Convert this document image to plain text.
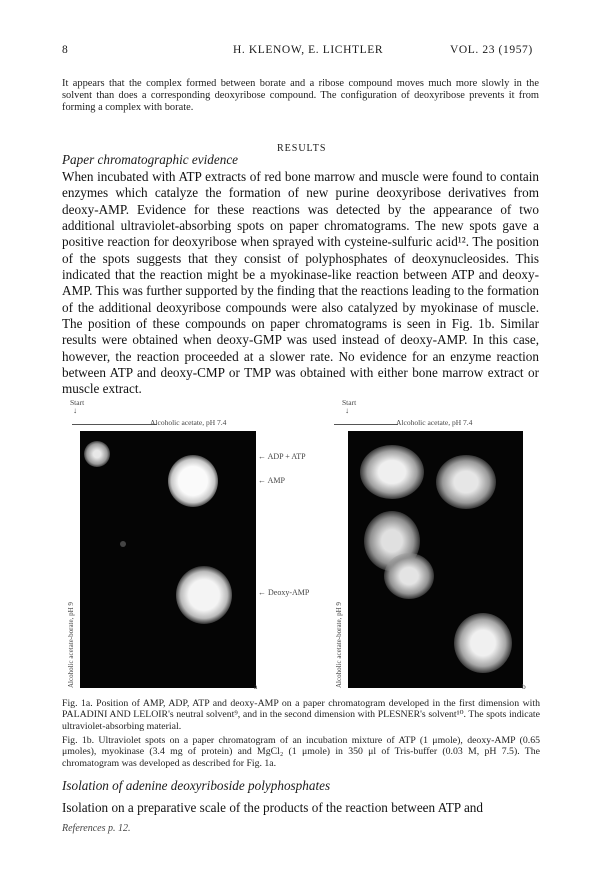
8	H. KLENOW, E. LICHTLER	VOL. 23 (1957)
It appears that the complex formed between borate and a ribose compound moves much more slowly in the solvent than does a corresponding deoxyribose compound. The configuration of deoxyribose prevents it from forming a complex with borate.
RESULTS
Paper chromatographic evidence
When incubated with ATP extracts of red bone marrow and muscle were found to contain enzymes which catalyze the formation of new purine deoxyribose derivatives from deoxy-AMP. Evidence for these reactions was detected by the appearance of two additional ultraviolet-absorbing spots on paper chromatograms. The new spots gave a positive reaction for deoxyribose when sprayed with cysteine-sulfuric acid¹². The position of the spots suggests that they consist of polyphosphates of deoxynucleosides. This indicated that the reaction might be a myokinase-like reaction between ATP and deoxy-AMP. This was further supported by the finding that the reactions leading to the formation of the additional deoxyribose compounds were also catalyzed by myokinase of muscle. The position of these compounds on paper chromatograms is seen in Fig. 1b. Similar results were obtained when deoxy-GMP was used instead of deoxy-AMP. In this case, however, the reaction proceeded at a slower rate. No evidence for an enzyme reaction between ATP and deoxy-CMP or TMP was obtained with either bone marrow extract or muscle extract.
Start
↓
Alcoholic acetate, pH 7.4
Alcoholic acetate-borate, pH 9
← ADP + ATP
← AMP
← Deoxy-AMP
a
Start
↓
Alcoholic acetate, pH 7.4
Alcoholic acetate-borate, pH 9	b
Fig. 1a. Position of AMP, ADP, ATP and deoxy-AMP on a paper chromatogram developed in the first dimension with PALADINI AND LELOIR's neutral solvent⁹, and in the second dimension with PLESNER's solvent¹⁰. The spots indicate ultraviolet-absorbing material.
Fig. 1b. Ultraviolet spots on a paper chromatogram of an incubation mixture of ATP (1 μmole), deoxy-AMP (0.65 μmoles), myokinase (3.4 mg of protein) and MgCl₂ (1 μmole) in 350 μl of Tris-buffer (0.03 M, pH 7.5). The chromatogram was developed as described for Fig. 1a.
Isolation of adenine deoxyriboside polyphosphates
Isolation on a preparative scale of the products of the reaction between ATP and
References p. 12.
